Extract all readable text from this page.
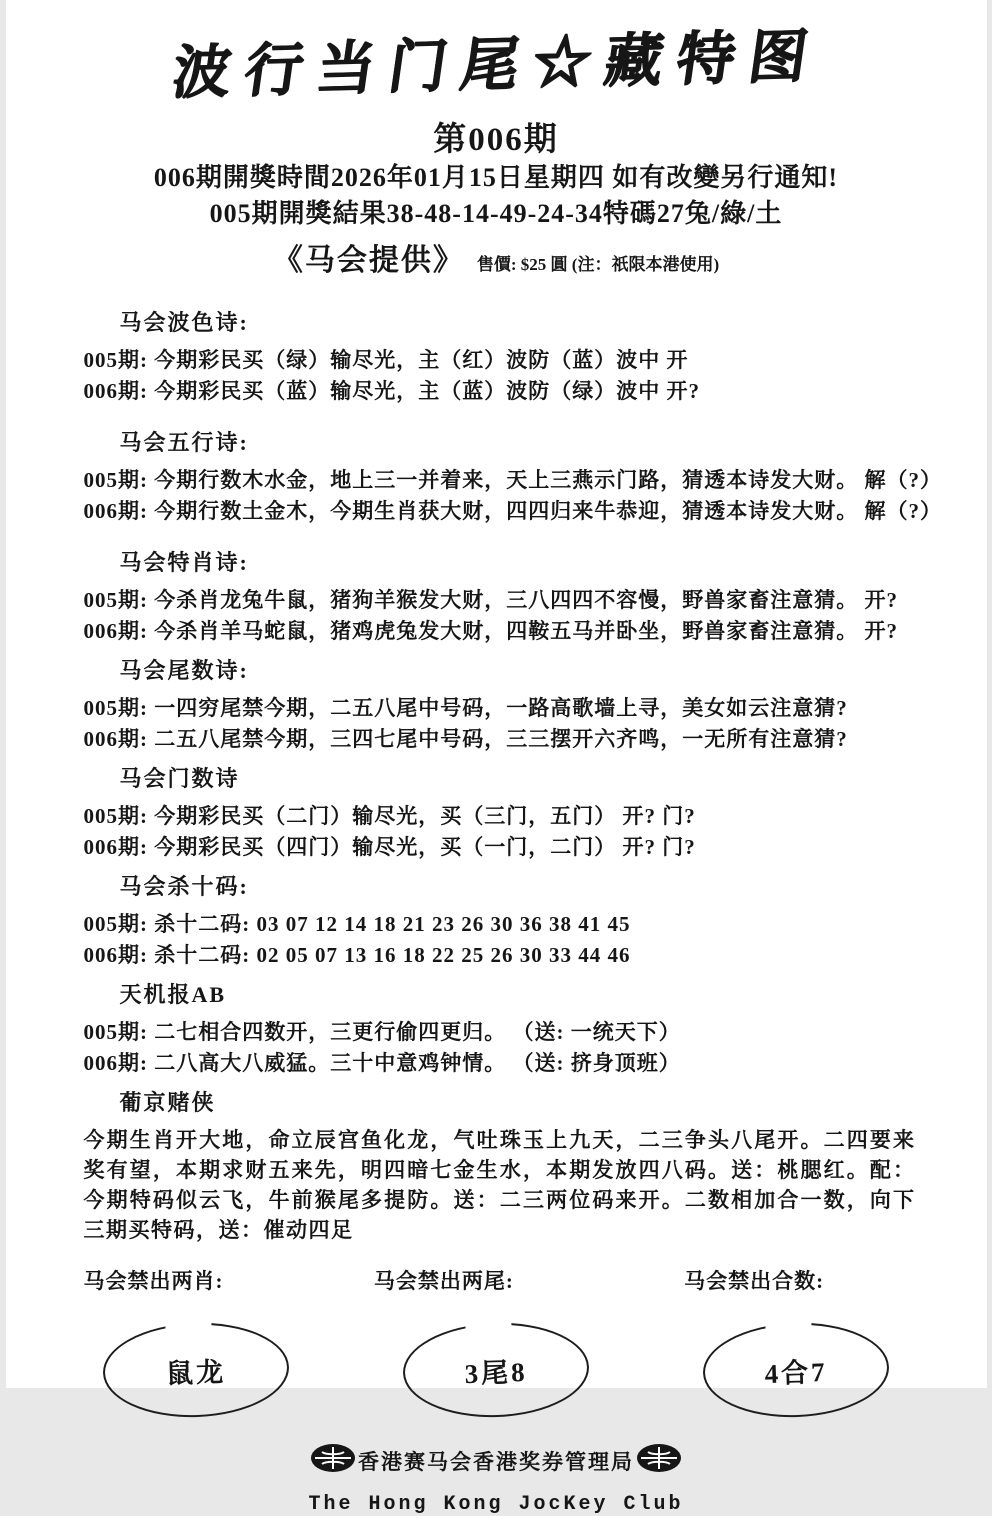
波行当门尾☆藏特图
第006期
006期開獎時間2026年01月15日星期四 如有改變另行通知!
005期開獎結果38-48-14-49-24-34特碼27兔/綠/土
《马会提供》 售價: $25 圓 (注：祇限本港使用)
马会波色诗:
005期: 今期彩民买（绿）输尽光，主（红）波防（蓝）波中 开
006期: 今期彩民买（蓝）输尽光，主（蓝）波防（绿）波中 开?
马会五行诗:
005期: 今期行数木水金，地上三一并着来，天上三燕示门路，猜透本诗发大财。 解（?）
006期: 今期行数土金木，今期生肖获大财，四四归来牛恭迎，猜透本诗发大财。 解（?）
马会特肖诗:
005期: 今杀肖龙兔牛鼠，猪狗羊猴发大财，三八四四不容慢，野兽家畜注意猜。 开?
006期: 今杀肖羊马蛇鼠，猪鸡虎兔发大财，四鞍五马并卧坐，野兽家畜注意猜。 开?
马会尾数诗:
005期: 一四穷尾禁今期，二五八尾中号码，一路高歌墙上寻，美女如云注意猜?
006期: 二五八尾禁今期，三四七尾中号码，三三摆开六齐鸣，一无所有注意猜?
马会门数诗
005期: 今期彩民买（二门）输尽光，买（三门，五门） 开? 门?
006期: 今期彩民买（四门）输尽光，买（一门，二门） 开? 门?
马会杀十码:
005期: 杀十二码: 03 07 12 14 18 21 23 26 30 36 38 41 45
006期: 杀十二码: 02 05 07 13 16 18 22 25 26 30 33 44 46
天机报AB
005期: 二七相合四数开，三更行偷四更归。 （送: 一统天下）
006期: 二八高大八威猛。三十中意鸡钟情。 （送: 挤身顶班）
葡京赌侠
今期生肖开大地，命立辰宫鱼化龙，气吐珠玉上九天，二三争头八尾开。二四要来奖有望，本期求财五来先，明四暗七金生水，本期发放四八码。送：桃腮红。配：今期特码似云飞，牛前猴尾多提防。送：二三两位码来开。二数相加合一数，向下三期买特码，送：催动四足
马会禁出两肖:
鼠龙
马会禁出两尾:
3尾8
马会禁出合数:
4合7
香港赛马会香港奖券管理局
The Hong Kong JocKey Club
